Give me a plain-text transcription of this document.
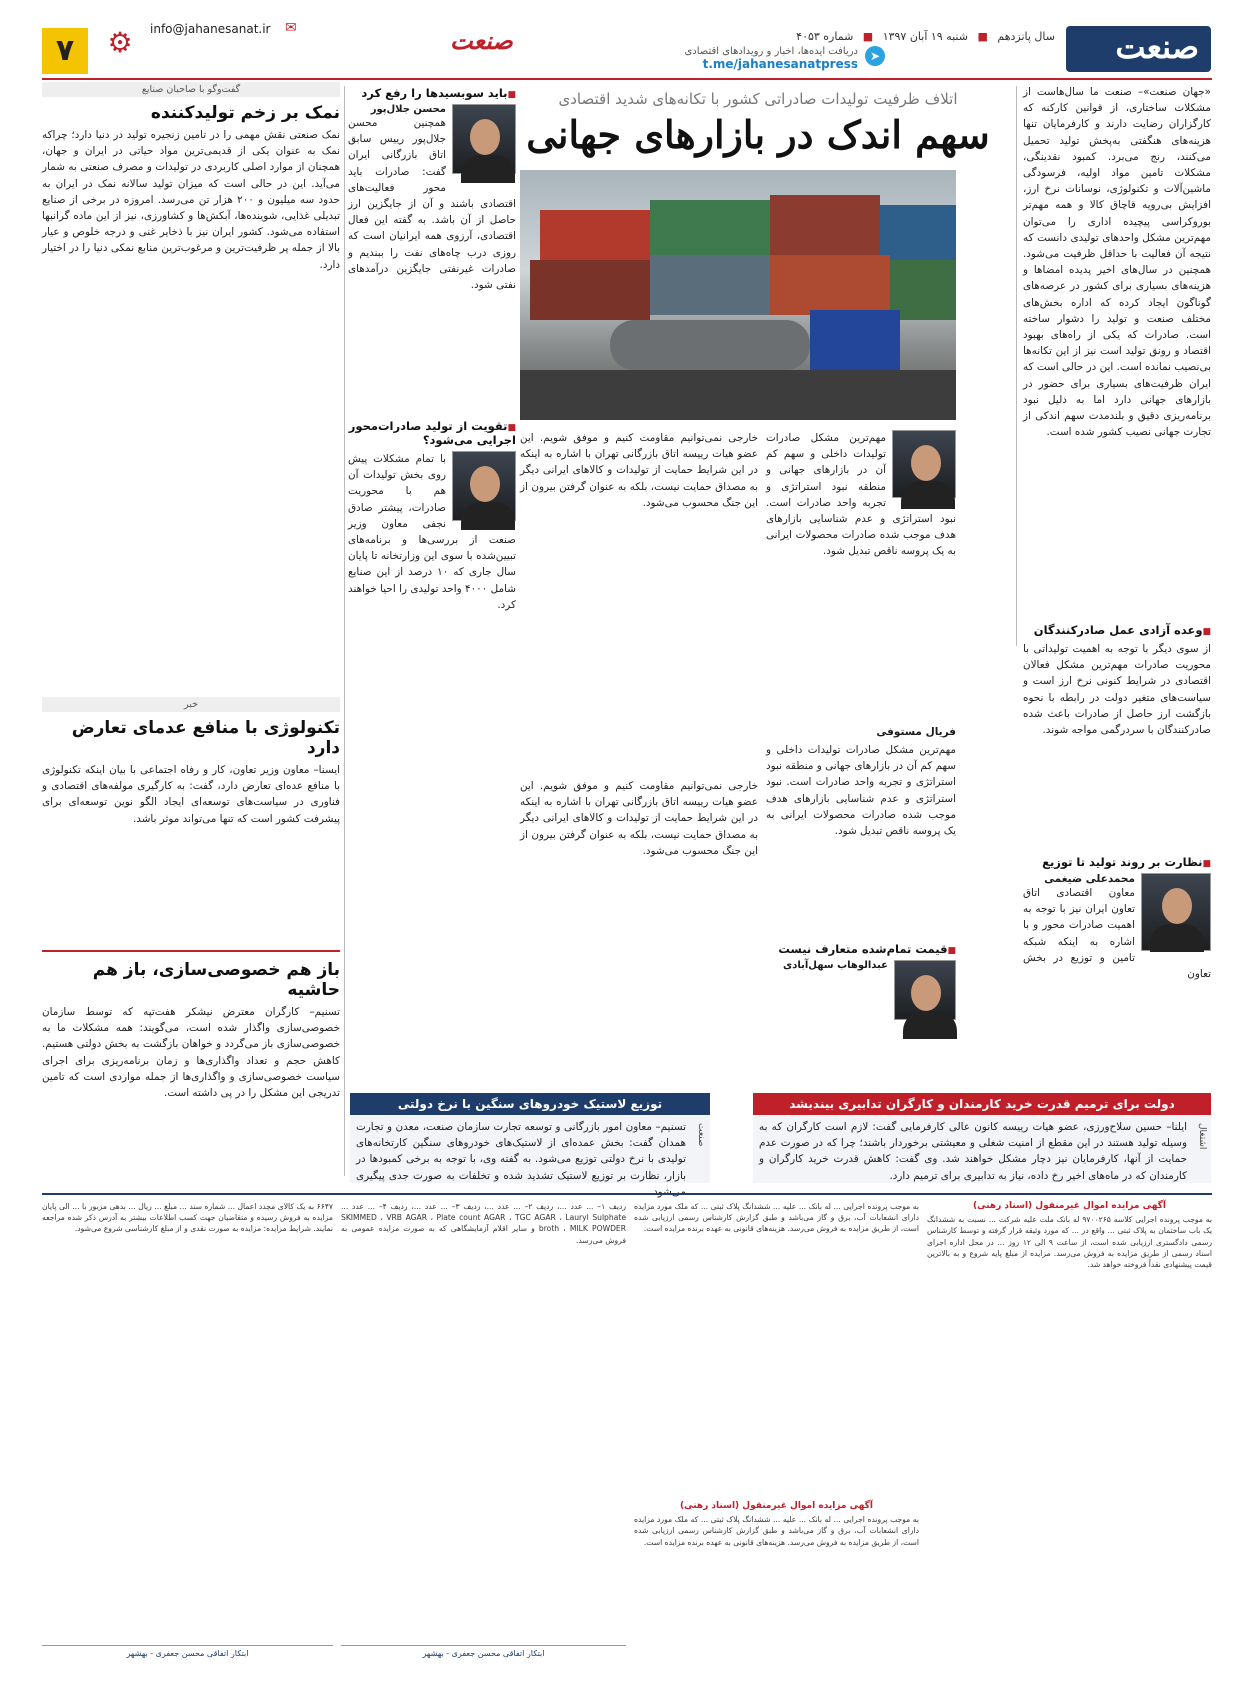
صنعت
سال پانزدهم ■ شنبه ۱۹ آبان ۱۳۹۷ ■ شماره ۴۰۵۳
➤
دریافت ایده‌ها، اخبار و رویدادهای اقتصادی
t.me/jahanesanatpress
صنعت
✉
info@jahanesanat.ir
⚙
۷
«جهان صنعت»– صنعت ما سال‌هاست از مشکلات ساختاری، از قوانین کارکنه که کارگزاران رضایت دارند و کارفرمایان تنها هزینه‌های هنگفتی به‌پخش تولید تحمیل می‌کنند، رنج می‌برد. کمبود نقدینگی، مشکلات تامین مواد اولیه، فرسودگی ماشین‌آلات و تکنولوژی، نوسانات نرخ ارز، افزایش بی‌رویه قاچاق کالا و همه مهم‌تر بوروکراسی پیچیده اداری را می‌توان مهم‌ترین مشکل واحدهای تولیدی دانست که نتیجه آن فعالیت با حداقل ظرفیت می‌شود. همچنین در سال‌های اخیر پدیده امضاها و هزینه‌های بسیاری برای کشور در عرصه‌های گوناگون ایجاد کرده که اداره بخش‌های مختلف صنعت و تولید را دشوار ساخته است. صادرات که یکی از راه‌های بهبود اقتصاد و رونق تولید است نیز از این تکانه‌ها بی‌نصیب نمانده است. این در حالی است که ایران ظرفیت‌های بسیاری برای حضور در بازارهای جهانی دارد اما به دلیل نبود برنامه‌ریزی دقیق و بلندمدت سهم اندکی از تجارت جهانی نصیب کشور شده است.
■ وعده آزادی عمل صادرکنندگان
از سوی دیگر با توجه به اهمیت تولیداتی با محوریت صادرات مهم‌ترین مشکل فعالان اقتصادی در شرایط کنونی نرخ ارز است و سیاست‌های متغیر دولت در رابطه با نحوه بازگشت ارز حاصل از صادرات باعث شده صادرکنندگان با سردرگمی مواجه شوند.
■ نظارت بر روند تولید تا توزیع
محمدعلی ضیغمی
معاون اقتصادی اتاق تعاون ایران نیز با توجه به اهمیت صادرات محور و با اشاره به اینکه شبکه تامین و توزیع در بخش تعاون
اتلاف ظرفیت تولیدات صادراتی کشور با تکانه‌های شدید اقتصادی
سهم اندک در بازارهای جهانی
مهم‌ترین مشکل صادرات تولیدات داخلی و سهم کم آن در بازارهای جهانی و منطقه نبود استراتژی و تجربه واحد صادرات است. نبود استراتژی و عدم شناسایی بازارهای هدف موجب شده صادرات محصولات ایرانی به یک پروسه ناقص تبدیل شود.
فریال مستوفی
مهم‌ترین مشکل صادرات تولیدات داخلی و سهم کم آن در بازارهای جهانی و منطقه نبود استراتژی و تجربه واحد صادرات است. نبود استراتژی و عدم شناسایی بازارهای هدف موجب شده صادرات محصولات ایرانی به یک پروسه ناقص تبدیل شود.
■ قیمت تمام‌شده متعارف نیست
عبدالوهاب سهل‌آبادی
خارجی نمی‌توانیم مقاومت کنیم و موفق شویم. این عضو هیات رییسه اتاق بازرگانی تهران با اشاره به اینکه در این شرایط حمایت از تولیدات و کالاهای ایرانی دیگر به مصداق حمایت نیست، بلکه به عنوان گرفتن بیرون از این جنگ محسوب می‌شود.
خارجی نمی‌توانیم مقاومت کنیم و موفق شویم. این عضو هیات رییسه اتاق بازرگانی تهران با اشاره به اینکه در این شرایط حمایت از تولیدات و کالاهای ایرانی دیگر به مصداق حمایت نیست، بلکه به عنوان گرفتن بیرون از این جنگ محسوب می‌شود.
■ باید سوبسیدها را رفع کرد
محسن جلال‌پور
همچنین محسن جلال‌پور رییس سابق اتاق بازرگانی ایران گفت: صادرات باید محور فعالیت‌های اقتصادی باشند و آن از جایگزین ارز حاصل از آن باشد. به گفته این فعال اقتصادی، آرزوی همه ایرانیان است که روزی درب چاه‌های نفت را ببندیم و صادرات غیرنفتی جایگزین درآمدهای نفتی شود.
■ تقویت از تولید صادرات‌محور اجرایی می‌شود؟
با تمام مشکلات پیش روی بخش تولیدات آن هم با محوریت صادرات، پیشتر صادق نجفی معاون وزیر صنعت از بررسی‌ها و برنامه‌های تبیین‌شده با سوی این وزارتخانه تا پایان سال جاری که ۱۰ درصد از این صنایع شامل ۴۰۰۰ واحد تولیدی را احیا خواهند کرد.
گفت‌وگو با صاحبان صنایع
نمک بر زخم تولیدکننده
نمک صنعتی نقش مهمی را در تامین زنجیره تولید در دنیا دارد؛ چراکه نمک به عنوان یکی از قدیمی‌ترین مواد حیاتی در ایران و جهان، همچنان از موارد اصلی کاربردی در تولیدات و مصرف صنعتی به شمار می‌آید. این در حالی است که میزان تولید سالانه نمک در ایران به حدود سه میلیون و ۲۰۰ هزار تن می‌رسد. امروزه در برخی از صنایع تبدیلی غذایی، شوینده‌ها، آبکش‌ها و کشاورزی، نیز از این ماده گرانبها استفاده می‌شود. کشور ایران نیز با ذخایر غنی و درجه خلوص و عیار بالا از جمله پر ظرفیت‌ترین و مرغوب‌ترین منابع نمکی دنیا را در اختیار دارد.
خبر
تکنولوژی با منافع عدمای تعارض دارد
ایسنا– معاون وزیر تعاون، کار و رفاه اجتماعی با بیان اینکه تکنولوژی با منافع عده‌ای تعارض دارد، گفت: به کارگیری مولفه‌های اقتصادی و فناوری در سیاست‌های توسعه‌ای ایجاد الگو نوین توسعه‌ای برای پیشرفت کشور است که تنها می‌تواند موثر باشد.
باز هم خصوصی‌سازی، باز هم حاشیه
تسنیم– کارگران معترض نیشکر هفت‌تپه که توسط سازمان خصوصی‌سازی واگذار شده است، می‌گویند: همه مشکلات ما به خصوصی‌سازی باز می‌گردد و خواهان بازگشت به بخش دولتی هستیم. کاهش حجم و تعداد واگذاری‌ها و زمان برنامه‌ریزی برای اجرای سیاست خصوصی‌سازی و واگذاری‌ها از جمله مواردی است که تامین تدریجی این مشکل را در پی داشته است.
دولت برای ترمیم قدرت خرید کارمندان و کارگران تدابیری بیندیشد
اشتغال
ایلنا– حسین سلاح‌ورزی، عضو هیات رییسه کانون عالی کارفرمایی گفت: لازم است کارگران که به وسیله تولید هستند در این مقطع از امنیت شغلی و معیشتی برخوردار باشند؛ چرا که در صورت عدم حمایت از آنها، کارفرمایان نیز دچار مشکل خواهند شد. وی گفت: کاهش قدرت خرید کارگران و کارمندان که در ماه‌های اخیر رخ داده، نیاز به تدابیری برای ترمیم دارد.
توزیع لاستیک خودروهای سنگین با نرخ دولتی
صنعت
تسنیم– معاون امور بازرگانی و توسعه تجارت سازمان صنعت، معدن و تجارت همدان گفت: بخش عمده‌ای از لاستیک‌های خودروهای سنگین کارتخانه‌های تولیدی با نرخ دولتی توزیع می‌شود. به گفته وی، با توجه به برخی کمبودها در بازار، نظارت بر توزیع لاستیک تشدید شده و تخلفات به صورت جدی پیگیری می‌شود.
آگهی مزایده اموال غیرمنقول (اسناد رهنی)
به موجب پرونده اجرایی کلاسه ۹۷۰۰۲۶۵ له بانک ملت علیه شرکت ... نسبت به ششدانگ یک باب ساختمان به پلاک ثبتی ... واقع در ... که مورد وثیقه قرار گرفته و توسط کارشناس رسمی دادگستری ارزیابی شده است، از ساعت ۹ الی ۱۲ روز ... در محل اداره اجرای اسناد رسمی از طریق مزایده به فروش می‌رسد. مزایده از مبلغ پایه شروع و به بالاترین قیمت پیشنهادی نقداً فروخته خواهد شد.
به موجب پرونده اجرایی ... له بانک ... علیه ... ششدانگ پلاک ثبتی ... که ملک مورد مزایده دارای انشعابات آب، برق و گاز می‌باشد و طبق گزارش کارشناس رسمی ارزیابی شده است، از طریق مزایده به فروش می‌رسد. هزینه‌های قانونی به عهده برنده مزایده است.
آگهی مزایده اموال غیرمنقول (اسناد رهنی)
به موجب پرونده اجرایی ... له بانک ... علیه ... ششدانگ پلاک ثبتی ... که ملک مورد مزایده دارای انشعابات آب، برق و گاز می‌باشد و طبق گزارش کارشناس رسمی ارزیابی شده است، از طریق مزایده به فروش می‌رسد. هزینه‌های قانونی به عهده برنده مزایده است.
ردیف ۱– ... عدد ...، ردیف ۲– ... عدد ...، ردیف ۳– ... عدد ...، ردیف ۴– ... عدد ... SKIMMED ، VRB AGAR ، Plate count AGAR ، TGC AGAR ، Lauryl Sulphate broth ، MILK POWDER و سایر اقلام آزمایشگاهی که به صورت مزایده عمومی به فروش می‌رسد.
ابتکار اتفاقی محسن جعفری - بهشهر
۶۶۴۷ به یک کالای مجدد اعمال ... شماره سند ... مبلغ ... ریال ... بدهی مزبور با ... الی پایان مزایده به فروش رسیده و متقاضیان جهت کسب اطلاعات بیشتر به آدرس ذکر شده مراجعه نمایند. شرایط مزایده: مزایده به صورت نقدی و از مبلغ کارشناسی شروع می‌شود.
ابتکار اتفاقی محسن جعفری - بهشهر
